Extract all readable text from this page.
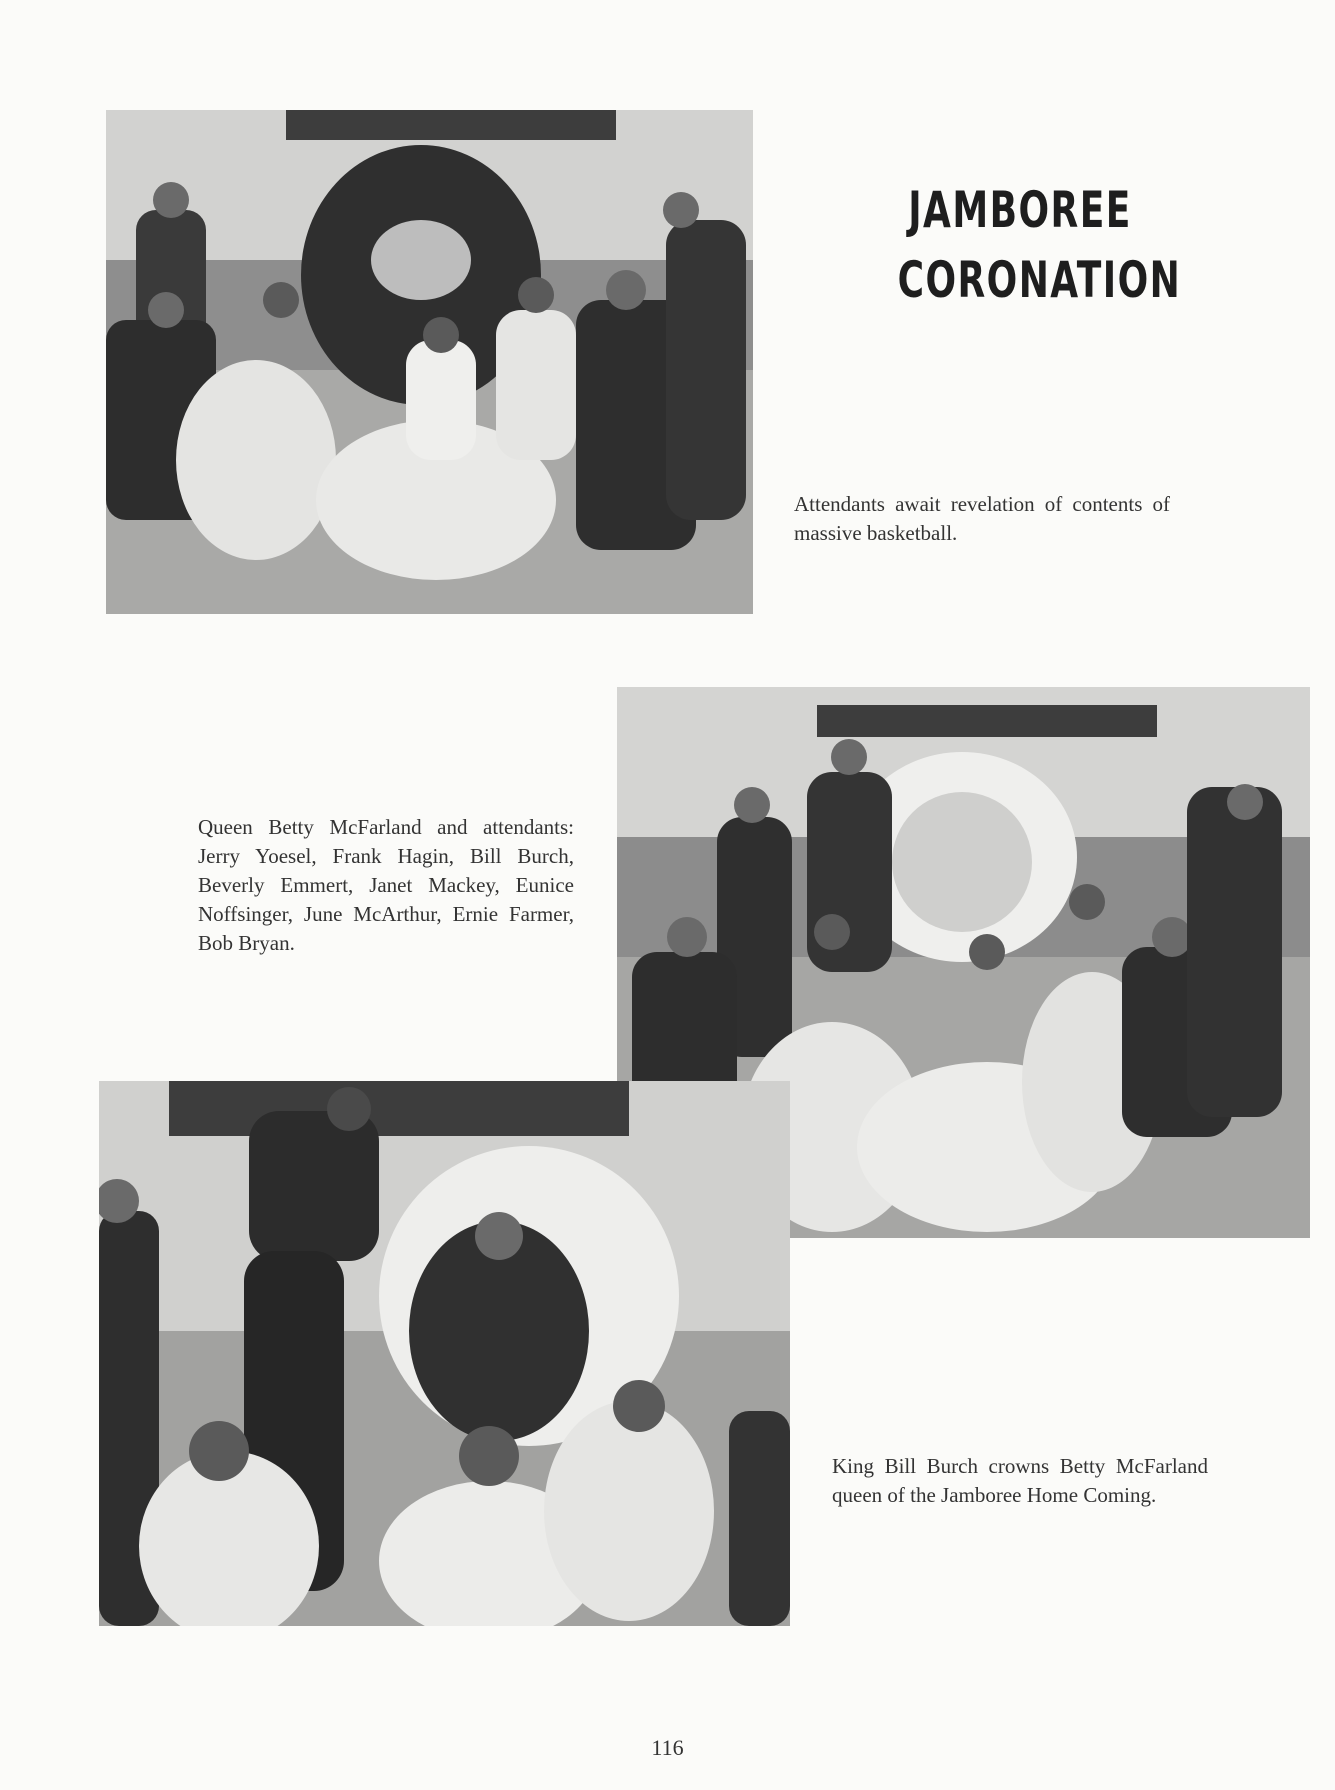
JAMBOREE
CORONATION
Attendants await revelation of contents of massive basketball.
Queen Betty McFarland and attendants: Jerry Yoesel, Frank Hagin, Bill Burch, Beverly Emmert, Janet Mackey, Eunice Noffsinger, June McArthur, Ernie Farmer, Bob Bryan.
King Bill Burch crowns Betty McFarland queen of the Jamboree Home Coming.
116
